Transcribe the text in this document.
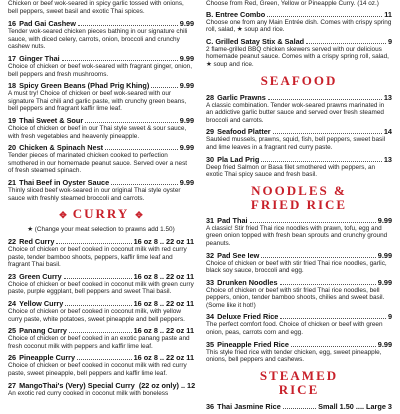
Chicken or beef wok-seared in spicy garlic tossed with onions, bell peppers, sweet basil and exotic Thai spices.
16 Pad Gai Cashew	9.99
Tender wok-seared chicken pieces bathing in our signature chili sauce, with diced celery, carrots, onion, broccoli and crunchy cashew nuts.
17 Ginger Thai	9.99
Choice of chicken or beef wok-seared with fragrant ginger, onion, bell peppers and fresh mushrooms.
18 Spicy Green Beans (Phad Prig Khing)	9.99
A must try! Choice of chicken or beef wok-seared with our signature Thai chili and garlic paste, with crunchy green beans, bell peppers and fragrant kaffir lime leaf.
19 Thai Sweet & Sour	9.99
Choice of chicken or beef in our Thai style sweet & sour sauce, with fresh vegetables and heavenly pineapple.
20 Chicken & Spinach Nest	9.99
Tender pieces of marinated chicken cooked to perfection smothered in our homemade peanut sauce. Served over a nest of fresh steamed spinach.
21 Thai Beef in Oyster Sauce	9.99
Thinly sliced beef wok-seared in our original Thai style oyster sauce with freshly steamed broccoli and carrots.
✥ CURRY ✥
★ (Change your meat selection to prawns add 1.50)
22 Red Curry	16 oz 8 .. 22 oz 11
Choice of chicken or beef cooked in coconut milk with red curry paste, tender bamboo shoots, peppers, kaffir lime leaf and fragrant Thai basil.
23 Green Curry	16 oz 8 .. 22 oz 11
Choice of chicken or beef cooked in coconut milk with green curry paste, purple eggplant, bell peppers and sweet Thai basil.
24 Yellow Curry	16 oz 8 .. 22 oz 11
Choice of chicken or beef cooked in coconut milk, with yellow curry paste, white potatoes, sweet pineapple and bell peppers.
25 Panang Curry	16 oz 8 .. 22 oz 11
Choice of chicken or beef cooked in an exotic panang paste and fresh coconut milk with peppers and kaffir lime leaf.
26 Pineapple Curry	16 oz 8 .. 22 oz 11
Choice of chicken or beef cooked in coconut milk with red curry paste, sweet pineapple, bell peppers and kaffir lime leaf.
27 MangoThai's (Very) Special Curry (22 oz only) .. 12
An exotic red curry cooked in coconut milk with boneless
Choose from Red, Green, Yellow or Pineapple Curry. (14 oz.)
B. Entree Combo	11
Choose one from any Main Entrée dish. Comes with crispy spring roll, salad, ★ soup and rice.
C. Grilled Satay Stix & Salad	9
2 flame-grilled BBQ chicken skewers served with our delicious homemade peanut sauce. Comes with a crispy spring roll, salad, ★ soup and rice.
SEAFOOD
28 Garlic Prawns	13
A classic combination. Tender wok-seared prawns marinated in an addictive garlic butter sauce and served over fresh steamed broccoli and carrots.
29 Seafood Platter	14
Sautéed mussels, prawns, squid, fish, bell peppers, sweet basil and lime leaves in a fragrant red curry paste.
30 Pla Lad Prig	13
Deep fried Salmon or Basa filet smothered with peppers, an exotic Thai spicy sauce and fresh basil.
NOODLES &
FRIED RICE
31 Pad Thai	9.99
A classic! Stir fried Thai rice noodles with prawn, tofu, egg and green onion topped with fresh bean sprouts and crunchy ground peanuts.
32 Pad See Iew	9.99
Choice of chicken or beef with stir fried Thai rice noodles, garlic, black soy sauce, broccoli and egg.
33 Drunken Noodles	9.99
Choice of chicken or beef with stir fried Thai rice noodles, bell peppers, onion, tender bamboo shoots, chilies and sweet basil. (Some like it hot!)
34 Deluxe Fried Rice	9
The perfect comfort food. Choice of chicken or beef with green onion, peas, carrots corn and egg.
35 Pineapple Fried Rice	9.99
This style fried rice with tender chicken, egg, sweet pineapple, onions, bell peppers and cashews.
STEAMED
RICE
36 Thai Jasmine Rice	Small 1.50 .... Large 3
